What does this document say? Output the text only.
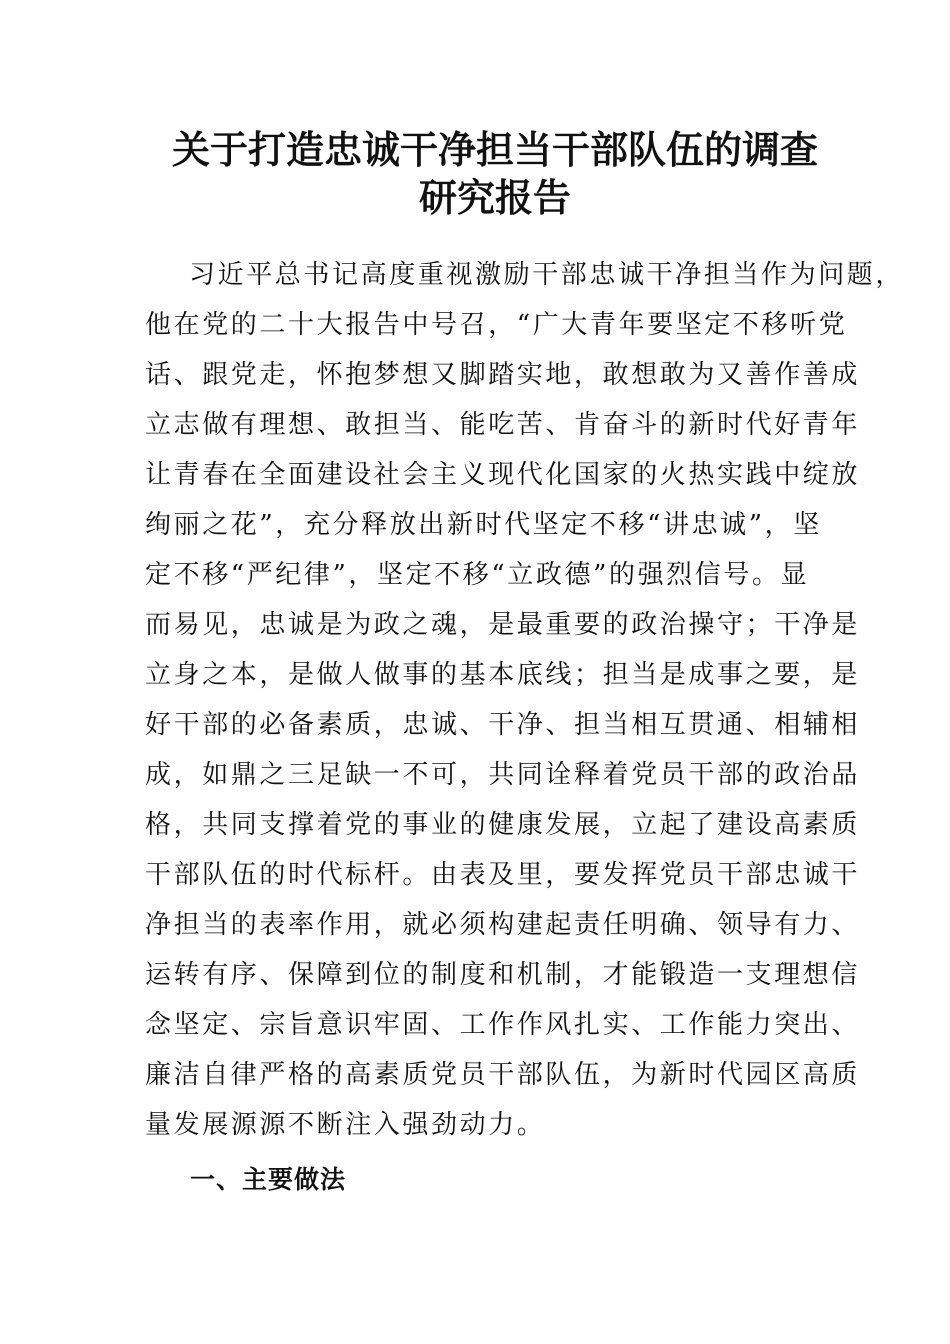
关于打造忠诚干净担当干部队伍的调查
研究报告
习近平总书记高度重视激励干部忠诚干净担当作为问题，
他在党的二十大报告中号召，“广大青年要坚定不移听党
话、跟党走，怀抱梦想又脚踏实地，敢想敢为又善作善成
立志做有理想、敢担当、能吃苦、肯奋斗的新时代好青年
让青春在全面建设社会主义现代化国家的火热实践中绽放
绚丽之花”，充分释放出新时代坚定不移“讲忠诚”，坚
定不移“严纪律”，坚定不移“立政德”的强烈信号。显
而易见，忠诚是为政之魂，是最重要的政治操守；干净是
立身之本，是做人做事的基本底线；担当是成事之要，是
好干部的必备素质，忠诚、干净、担当相互贯通、相辅相
成，如鼎之三足缺一不可，共同诠释着党员干部的政治品
格，共同支撑着党的事业的健康发展，立起了建设高素质
干部队伍的时代标杆。由表及里，要发挥党员干部忠诚干
净担当的表率作用，就必须构建起责任明确、领导有力、
运转有序、保障到位的制度和机制，才能锻造一支理想信
念坚定、宗旨意识牢固、工作作风扎实、工作能力突出、
廉洁自律严格的高素质党员干部队伍，为新时代园区高质
量发展源源不断注入强劲动力。
一、主要做法
